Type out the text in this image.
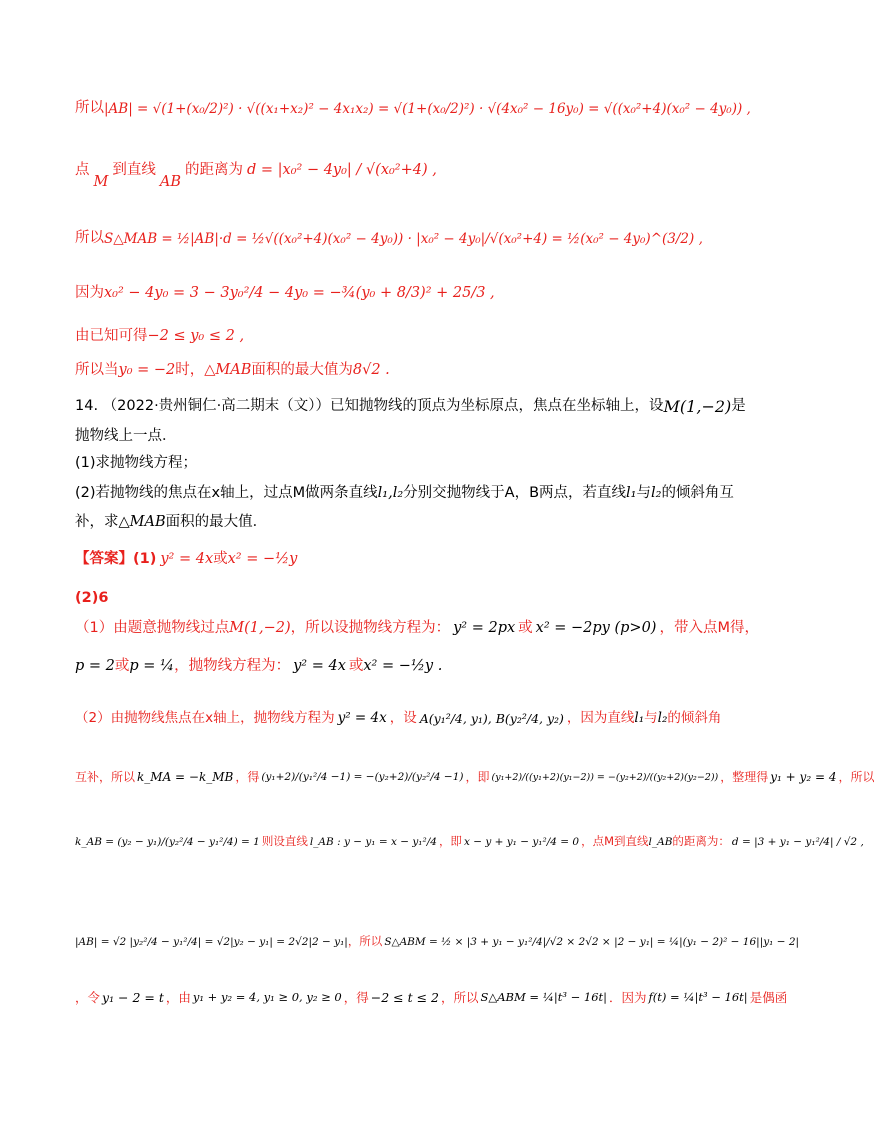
所以 |AB| = √(1+(x₀/2)²) · √((x₁+x₂)² − 4x₁x₂) = √(1+(x₀/2)²) · √(4x₀² − 16y₀) = √((x₀²+4)(x₀² − 4y₀)) ,
点
M
到直线
AB
的距离为 d = |x₀² − 4y₀| / √(x₀²+4) ,
所以 S△MAB = ½|AB|·d = ½√((x₀²+4)(x₀² − 4y₀)) · |x₀² − 4y₀|/√(x₀²+4) = ½(x₀² − 4y₀)^(3/2) ,
因为 x₀² − 4y₀ = 3 − 3y₀²/4 − 4y₀ = −¾(y₀ + 8/3)² + 25/3 ,
由已知可得 −2 ≤ y₀ ≤ 2 ,
所以当 y₀ = −2 时， △MAB 面积的最大值为 8√2 .
14. （2022·贵州铜仁·高二期末（文））已知抛物线的顶点为坐标原点，焦点在坐标轴上，设 M(1,−2) 是
抛物线上一点．
(1)求抛物线方程；
(2)若抛物线的焦点在x轴上，过点M做两条直线 l₁,l₂ 分别交抛物线于A，B两点，若直线 l₁ 与 l₂ 的倾斜角互
补，求 △MAB 面积的最大值．
【答案】(1) y² = 4x 或 x² = −½y
(2)6
（1）由题意抛物线过点 M(1,−2) ，所以设抛物线方程为： y² = 2px 或 x² = −2py (p>0) ，带入点M得，
p = 2 或 p = ¼ ，抛物线方程为： y² = 4x 或 x² = −½y .
（2）由抛物线焦点在x轴上，抛物线方程为 y² = 4x ，设 A(y₁²/4, y₁), B(y₂²/4, y₂) ，因为直线 l₁ 与 l₂ 的倾斜角
互补，所以 k_MA = −k_MB ，得 (y₁+2)/(y₁²/4 −1) = −(y₂+2)/(y₂²/4 −1) ，即 (y₁+2)/((y₁+2)(y₁−2)) = −(y₂+2)/((y₂+2)(y₂−2)) ，整理得 y₁ + y₂ = 4 ，所以
k_AB = (y₂ − y₁)/(y₂²/4 − y₁²/4) = 1 则设直线 l_AB : y − y₁ = x − y₁²/4 ，即 x − y + y₁ − y₁²/4 = 0 ，点M到直线 l_AB 的距离为： d = |3 + y₁ − y₁²/4| / √2 ,
|AB| = √2 |y₂²/4 − y₁²/4| = √2|y₂ − y₁| = 2√2|2 − y₁| ，所以 S△ABM = ½ × |3 + y₁ − y₁²/4|/√2 × 2√2 × |2 − y₁| = ¼|(y₁ − 2)² − 16||y₁ − 2|
，令 y₁ − 2 = t ，由 y₁ + y₂ = 4, y₁ ≥ 0, y₂ ≥ 0 ，得 −2 ≤ t ≤ 2 ，所以 S△ABM = ¼|t³ − 16t| ．因为 f(t) = ¼|t³ − 16t| 是偶函
